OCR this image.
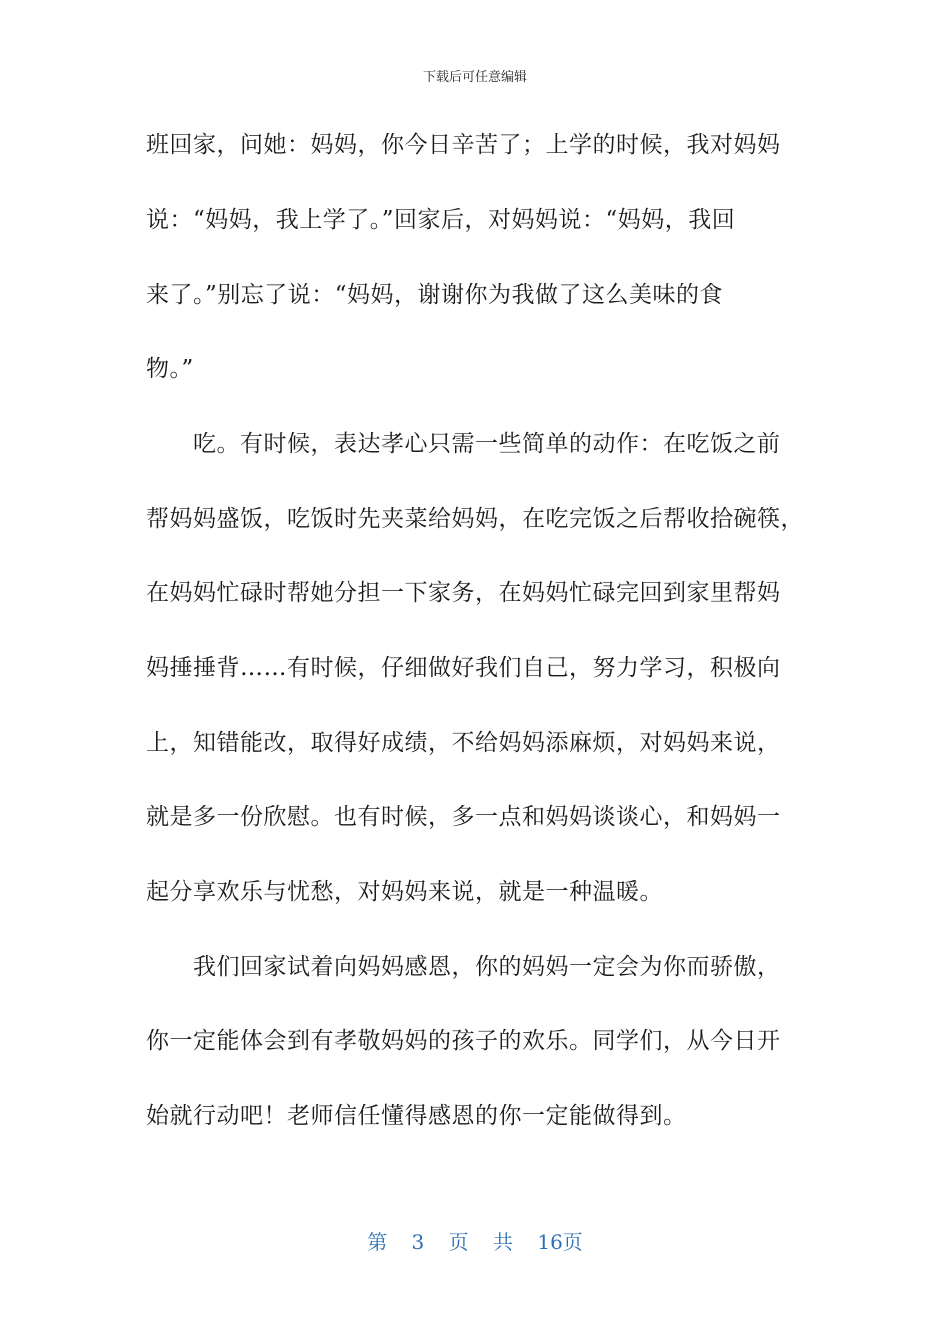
下载后可任意编辑
班回家，问她：妈妈，你今日辛苦了；上学的时候，我对妈妈
说：“妈妈，我上学了。”回家后，对妈妈说：“妈妈，我回
来了。”别忘了说：“妈妈，谢谢你为我做了这么美味的食
物。”
　　吃。有时候，表达孝心只需一些简单的动作：在吃饭之前
帮妈妈盛饭，吃饭时先夹菜给妈妈，在吃完饭之后帮收拾碗筷，
在妈妈忙碌时帮她分担一下家务，在妈妈忙碌完回到家里帮妈
妈捶捶背……有时候，仔细做好我们自己，努力学习，积极向
上，知错能改，取得好成绩，不给妈妈添麻烦，对妈妈来说，
就是多一份欣慰。也有时候，多一点和妈妈谈谈心，和妈妈一
起分享欢乐与忧愁，对妈妈来说，就是一种温暖。
　　我们回家试着向妈妈感恩，你的妈妈一定会为你而骄傲，
你一定能体会到有孝敬妈妈的孩子的欢乐。同学们，从今日开
始就行动吧！老师信任懂得感恩的你一定能做得到。
第 3 页 共 16页
